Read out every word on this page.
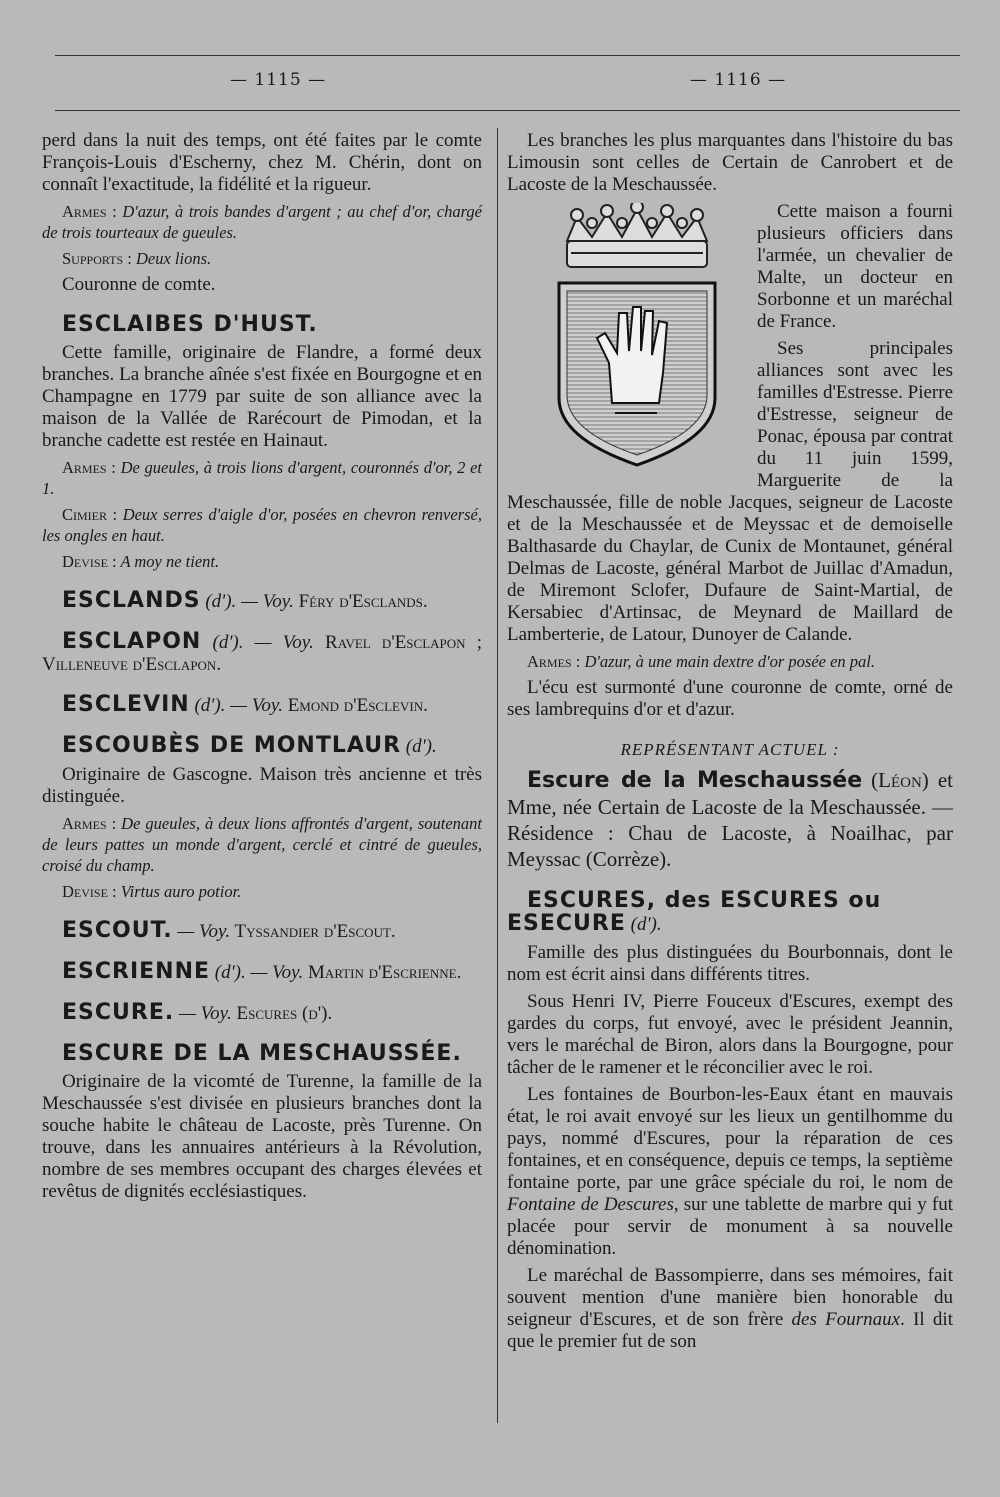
— 1115 —	— 1116 —

perd dans la nuit des temps, ont été faites par le comte François-Louis d'Escherny, chez M. Chérin, dont on connaît l'exactitude, la fidélité et la rigueur.

Armes : D'azur, à trois bandes d'argent ; au chef d'or, chargé de trois tourteaux de gueules.

Supports : Deux lions.

Couronne de comte.

ESCLAIBES D'HUST.

Cette famille, originaire de Flandre, a formé deux branches. La branche aînée s'est fixée en Bourgogne et en Champagne en 1779 par suite de son alliance avec la maison de la Vallée de Rarécourt de Pimodan, et la branche cadette est restée en Hainaut.

Armes : De gueules, à trois lions d'argent, couronnés d'or, 2 et 1.

Cimier : Deux serres d'aigle d'or, posées en chevron renversé, les ongles en haut.

Devise : A moy ne tient.

ESCLANDS (d'). — Voy. Féry d'Esclands.

ESCLAPON (d'). — Voy. Ravel d'Esclapon ; Villeneuve d'Esclapon.

ESCLEVIN (d'). — Voy. Emond d'Esclevin.

ESCOUBÈS DE MONTLAUR (d').

Originaire de Gascogne. Maison très ancienne et très distinguée.

Armes : De gueules, à deux lions affrontés d'argent, soutenant de leurs pattes un monde d'argent, cerclé et cintré de gueules, croisé du champ.

Devise : Virtus auro potior.

ESCOUT. — Voy. Tyssandier d'Escout.

ESCRIENNE (d'). — Voy. Martin d'Escrienne.

ESCURE. — Voy. Escures (d').

ESCURE DE LA MESCHAUSSÉE.

Originaire de la vicomté de Turenne, la famille de la Meschaussée s'est divisée en plusieurs branches dont la souche habite le château de Lacoste, près Turenne. On trouve, dans les annuaires antérieurs à la Révolution, nombre de ses membres occupant des charges élevées et revêtus de dignités ecclésiastiques.

Les branches les plus marquantes dans l'histoire du bas Limousin sont celles de Certain de Canrobert et de Lacoste de la Meschaussée.

Cette maison a fourni plusieurs officiers dans l'armée, un chevalier de Malte, un docteur en Sorbonne et un maréchal de France.

Ses principales alliances sont avec les familles d'Estresse. Pierre d'Estresse, seigneur de Ponac, épousa par contrat du 11 juin 1599, Marguerite de la Meschaussée, fille de noble Jacques, seigneur de Lacoste et de la Meschaussée et de Meyssac et de demoiselle Balthasarde du Chaylar, de Cunix de Montaunet, général Delmas de Lacoste, général Marbot de Juillac d'Amadun, de Miremont Sclofer, Dufaure de Saint-Martial, de Kersabiec d'Artinsac, de Meynard de Maillard de Lamberterie, de Latour, Dunoyer de Calande.

Armes : D'azur, à une main dextre d'or posée en pal.

L'écu est surmonté d'une couronne de comte, orné de ses lambrequins d'or et d'azur.

REPRÉSENTANT ACTUEL :

Escure de la Meschaussée (Léon) et Mme, née Certain de Lacoste de la Meschaussée. — Résidence : Chau de Lacoste, à Noailhac, par Meyssac (Corrèze).

ESCURES, des ESCURES ou ESECURE (d').

Famille des plus distinguées du Bourbonnais, dont le nom est écrit ainsi dans différents titres.

Sous Henri IV, Pierre Fouceux d'Escures, exempt des gardes du corps, fut envoyé, avec le président Jeannin, vers le maréchal de Biron, alors dans la Bourgogne, pour tâcher de le ramener et le réconcilier avec le roi.

Les fontaines de Bourbon-les-Eaux étant en mauvais état, le roi avait envoyé sur les lieux un gentilhomme du pays, nommé d'Escures, pour la réparation de ces fontaines, et en conséquence, depuis ce temps, la septième fontaine porte, par une grâce spéciale du roi, le nom de Fontaine de Descures, sur une tablette de marbre qui y fut placée pour servir de monument à sa nouvelle dénomination.

Le maréchal de Bassompierre, dans ses mémoires, fait souvent mention d'une manière bien honorable du seigneur d'Escures, et de son frère des Fournaux. Il dit que le premier fut de son
